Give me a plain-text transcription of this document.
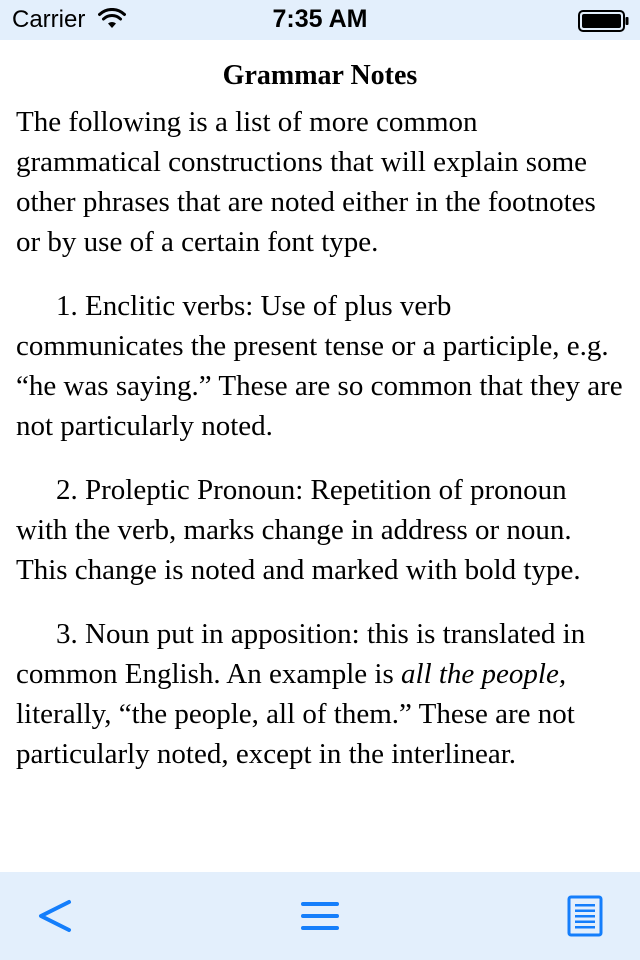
Carrier	7:35 AM
Grammar Notes

The following is a list of more common grammatical constructions that will explain some other phrases that are noted either in the footnotes or by use of a certain font type.

1. Enclitic verbs: Use of plus verb communicates the present tense or a participle, e.g. “he was saying.” These are so common that they are not particularly noted.

2. Proleptic Pronoun: Repetition of pronoun with the verb, marks change in address or noun. This change is noted and marked with bold type.

3. Noun put in apposition: this is translated in common English. An example is all the people, literally, “the people, all of them.” These are not particularly noted, except in the interlinear.
